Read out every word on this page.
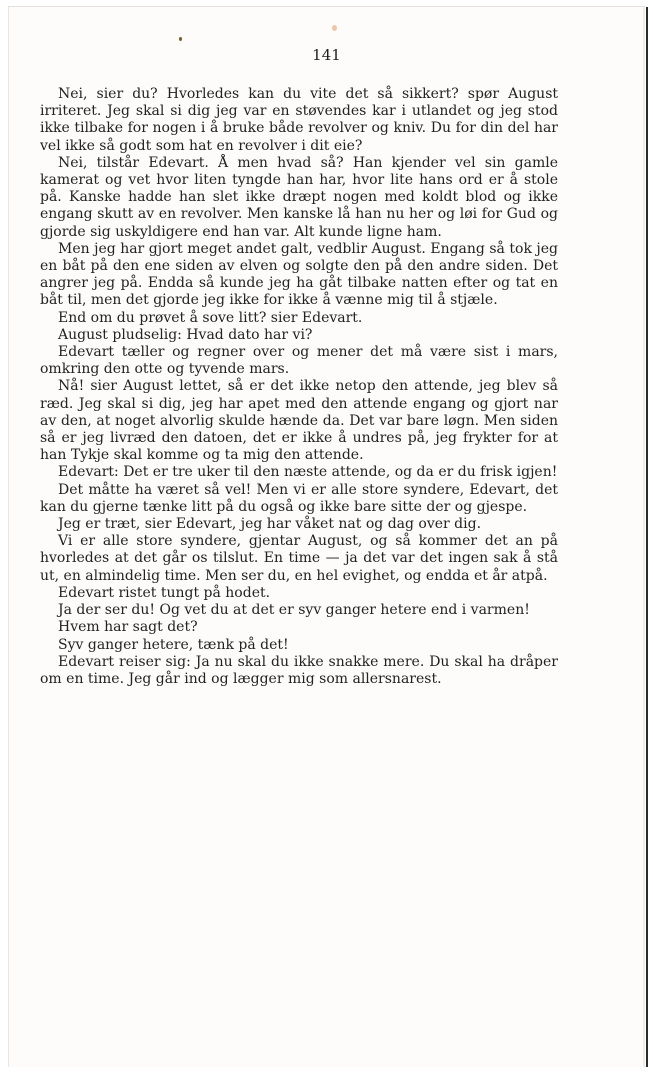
141

Nei, sier du? Hvorledes kan du vite det så sikkert? spør August irriteret. Jeg skal si dig jeg var en støvendes kar i utlandet og jeg stod ikke tilbake for nogen i å bruke både revolver og kniv. Du for din del har vel ikke så godt som hat en revolver i dit eie?

Nei, tilstår Edevart. Å men hvad så? Han kjender vel sin gamle kamerat og vet hvor liten tyngde han har, hvor lite hans ord er å stole på. Kanske hadde han slet ikke dræpt nogen med koldt blod og ikke engang skutt av en revolver. Men kanske lå han nu her og løi for Gud og gjorde sig uskyldigere end han var. Alt kunde ligne ham.

Men jeg har gjort meget andet galt, vedblir August. Engang så tok jeg en båt på den ene siden av elven og solgte den på den andre siden. Det angrer jeg på. Endda så kunde jeg ha gåt tilbake natten efter og tat en båt til, men det gjorde jeg ikke for ikke å vænne mig til å stjæle.

End om du prøvet å sove litt? sier Edevart.

August pludselig: Hvad dato har vi?

Edevart tæller og regner over og mener det må være sist i mars, omkring den otte og tyvende mars.

Nå! sier August lettet, så er det ikke netop den attende, jeg blev så ræd. Jeg skal si dig, jeg har apet med den attende engang og gjort nar av den, at noget alvorlig skulde hænde da. Det var bare løgn. Men siden så er jeg livræd den datoen, det er ikke å undres på, jeg frykter for at han Tykje skal komme og ta mig den attende.

Edevart: Det er tre uker til den næste attende, og da er du frisk igjen!

Det måtte ha været så vel! Men vi er alle store syndere, Edevart, det kan du gjerne tænke litt på du også og ikke bare sitte der og gjespe.

Jeg er træt, sier Edevart, jeg har våket nat og dag over dig.

Vi er alle store syndere, gjentar August, og så kommer det an på hvorledes at det går os tilslut. En time — ja det var det ingen sak å stå ut, en almindelig time. Men ser du, en hel evighet, og endda et år atpå.

Edevart ristet tungt på hodet.

Ja der ser du! Og vet du at det er syv ganger hetere end i varmen!

Hvem har sagt det?

Syv ganger hetere, tænk på det!

Edevart reiser sig: Ja nu skal du ikke snakke mere. Du skal ha dråper om en time. Jeg går ind og lægger mig som allersnarest.
